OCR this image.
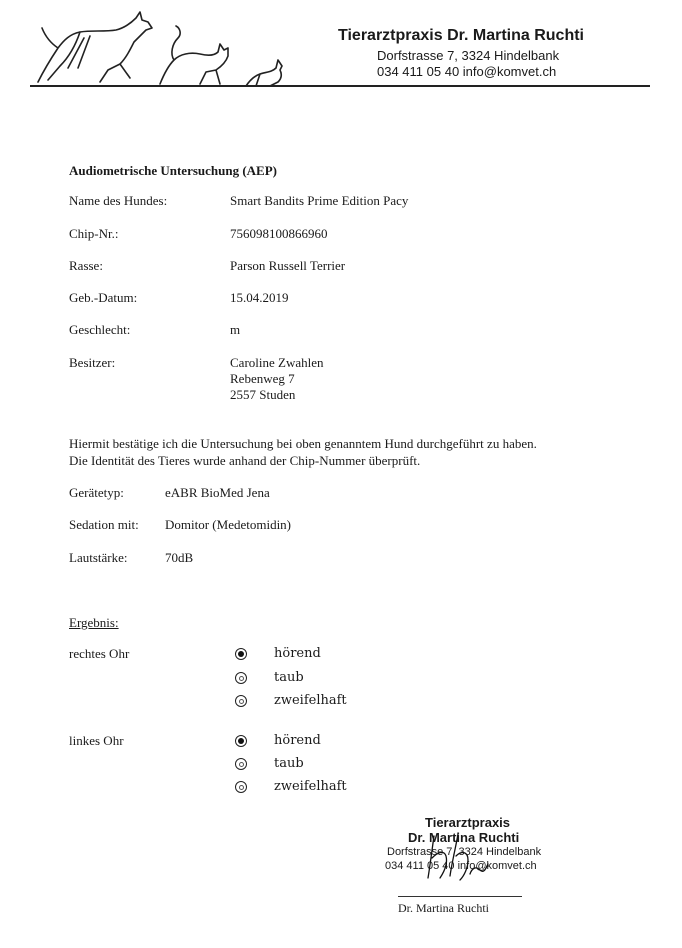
Tierarztpraxis Dr. Martina Ruchti
Dorfstrasse 7, 3324 Hindelbank
034 411 05 40 info@komvet.ch
Audiometrische Untersuchung (AEP)
Name des Hundes:	Smart Bandits Prime Edition Pacy
Chip-Nr.:	756098100866960
Rasse:	Parson Russell Terrier
Geb.-Datum:	15.04.2019
Geschlecht:	m
Besitzer:	Caroline Zwahlen
Rebenweg 7
2557 Studen
Hiermit bestätige ich die Untersuchung bei oben genanntem Hund durchgeführt zu haben.
Die Identität des Tieres wurde anhand der Chip-Nummer überprüft.
Gerätetyp:	eABR BioMed Jena
Sedation mit: Domitor (Medetomidin)
Lautstärke:	70dB
Ergebnis:
rechtes Ohr	hörend
taub
zweifelhaft
linkes Ohr	hörend
taub
zweifelhaft
Tierarztpraxis
Dr. Martina Ruchti
Dorfstrasse 7, 3324 Hindelbank
034 411 05 40 info@komvet.ch
Dr. Martina Ruchti
